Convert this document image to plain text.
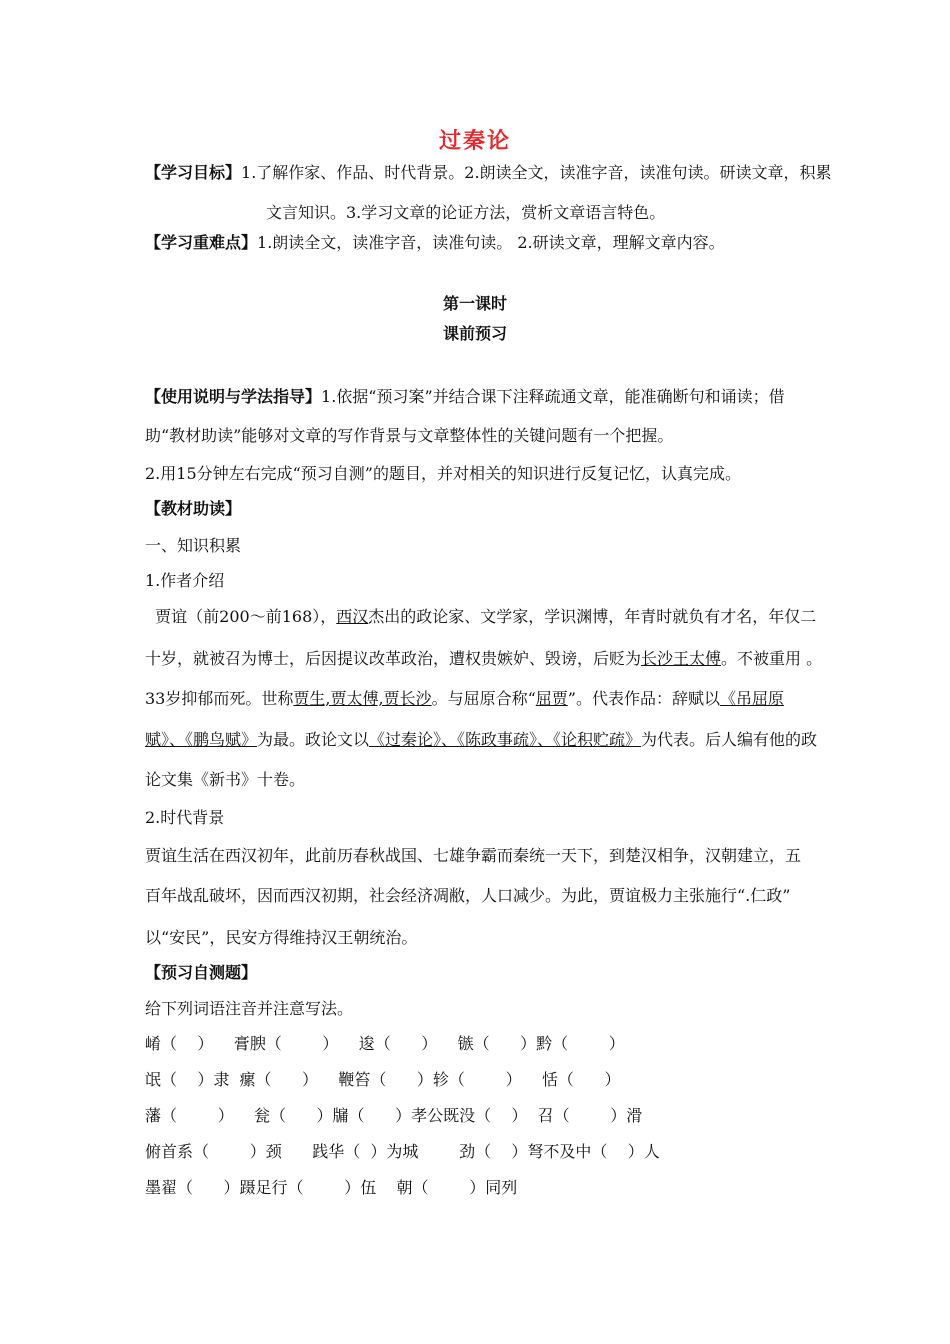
过秦论
【学习目标】1.了解作家、作品、时代背景。2.朗读全文，读准字音，读准句读。研读文章，积累
文言知识。3.学习文章的论证方法，赏析文章语言特色。
【学习重难点】1.朗读全文，读准字音，读准句读。 2.研读文章，理解文章内容。
第一课时
课前预习
【使用说明与学法指导】1.依据“预习案”并结合课下注释疏通文章，能准确断句和诵读；借
助“教材助读”能够对文章的写作背景与文章整体性的关键问题有一个把握。
2.用15分钟左右完成“预习自测”的题目，并对相关的知识进行反复记忆，认真完成。
【教材助读】
一、知识积累
1.作者介绍
贾谊（前200～前168），西汉杰出的政论家、文学家，学识渊博，年青时就负有才名，年仅二
十岁，就被召为博士，后因提议改革政治，遭权贵嫉妒、毁谤，后贬为长沙王太傅。不被重用 。
33岁抑郁而死。世称贾生,贾太傅,贾长沙。与屈原合称“屈贾”。代表作品：辞赋以《吊屈原
赋》、《鹏鸟赋》为最。政论文以《过秦论》、《陈政事疏》、《论积贮疏》为代表。后人编有他的政
论文集《新书》十卷。
2.时代背景
贾谊生活在西汉初年，此前历春秋战国、七雄争霸而秦统一天下，到楚汉相争，汉朝建立，五
百年战乱破坏，因而西汉初期，社会经济凋敝，人口减少。为此，贾谊极力主张施行“.仁政”
以“安民”，民安方得维持汉王朝统治。
【预习自测题】
给下列词语注音并注意写法。
崤（    ）    膏腴（        ）    逡（      ）    镞（      ）黔（        ）
氓（    ）隶  瘰（      ）    鞭笞（      ）轸（        ）    恬（      ）
藩（        ）    瓮（      ）牖（      ）孝公既没（    ）  召（        ）滑
俯首系（        ）颈      践华（  ）为城        劲（    ）弩不及中（    ）人
墨翟（      ）蹑足行（        ）伍    朝（        ）同列
